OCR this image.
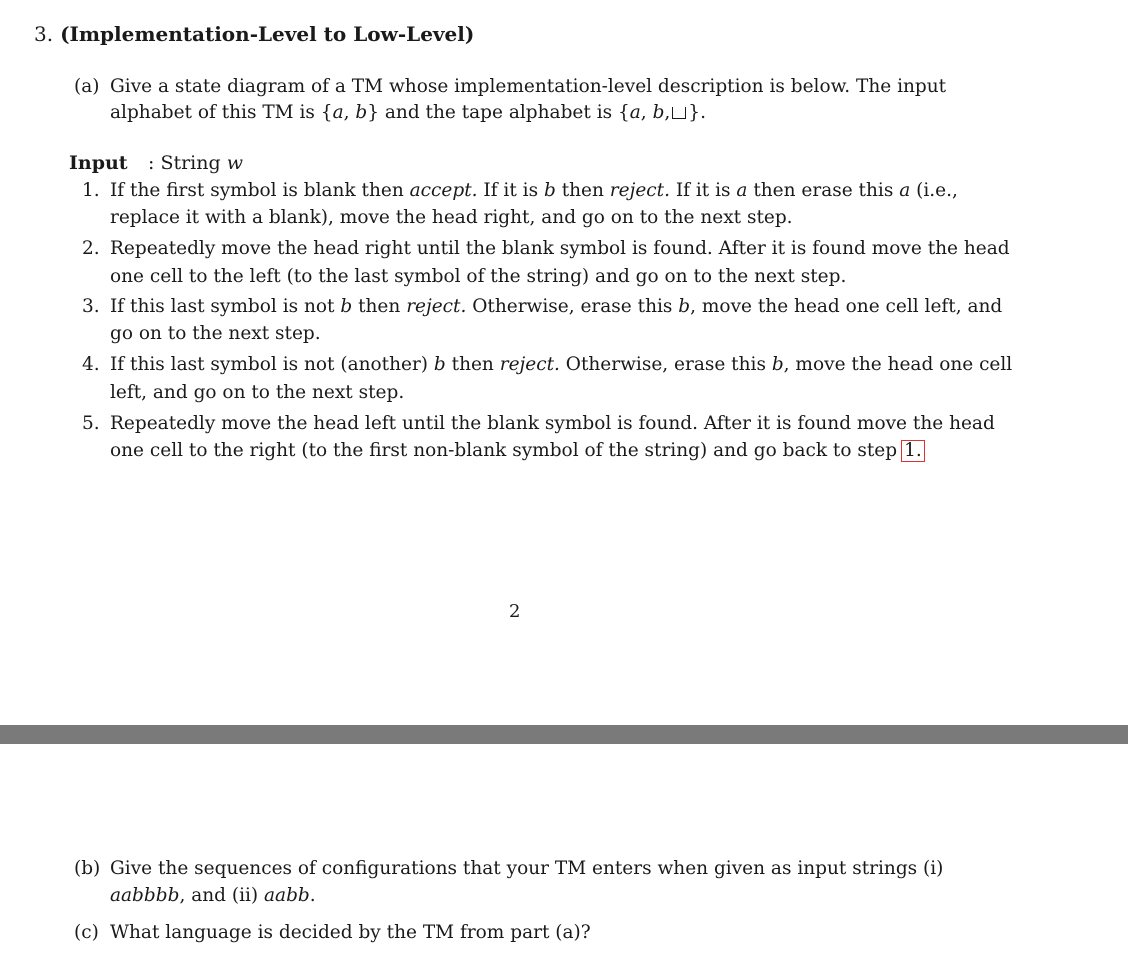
3. (Implementation-Level to Low-Level)
(a) Give a state diagram of a TM whose implementation-level description is below. The input
alphabet of this TM is {a, b} and the tape alphabet is {a, b, }.
Input : String w
1. If the first symbol is blank then accept. If it is b then reject. If it is a then erase this a (i.e.,
replace it with a blank), move the head right, and go on to the next step.
2. Repeatedly move the head right until the blank symbol is found. After it is found move the head
one cell to the left (to the last symbol of the string) and go on to the next step.
3. If this last symbol is not b then reject. Otherwise, erase this b, move the head one cell left, and
go on to the next step.
4. If this last symbol is not (another) b then reject. Otherwise, erase this b, move the head one cell
left, and go on to the next step.
5. Repeatedly move the head left until the blank symbol is found. After it is found move the head
one cell to the right (to the first non-blank symbol of the string) and go back to step 1.
2
(b) Give the sequences of configurations that your TM enters when given as input strings (i)
aabbbb, and (ii) aabb.
(c) What language is decided by the TM from part (a)?
